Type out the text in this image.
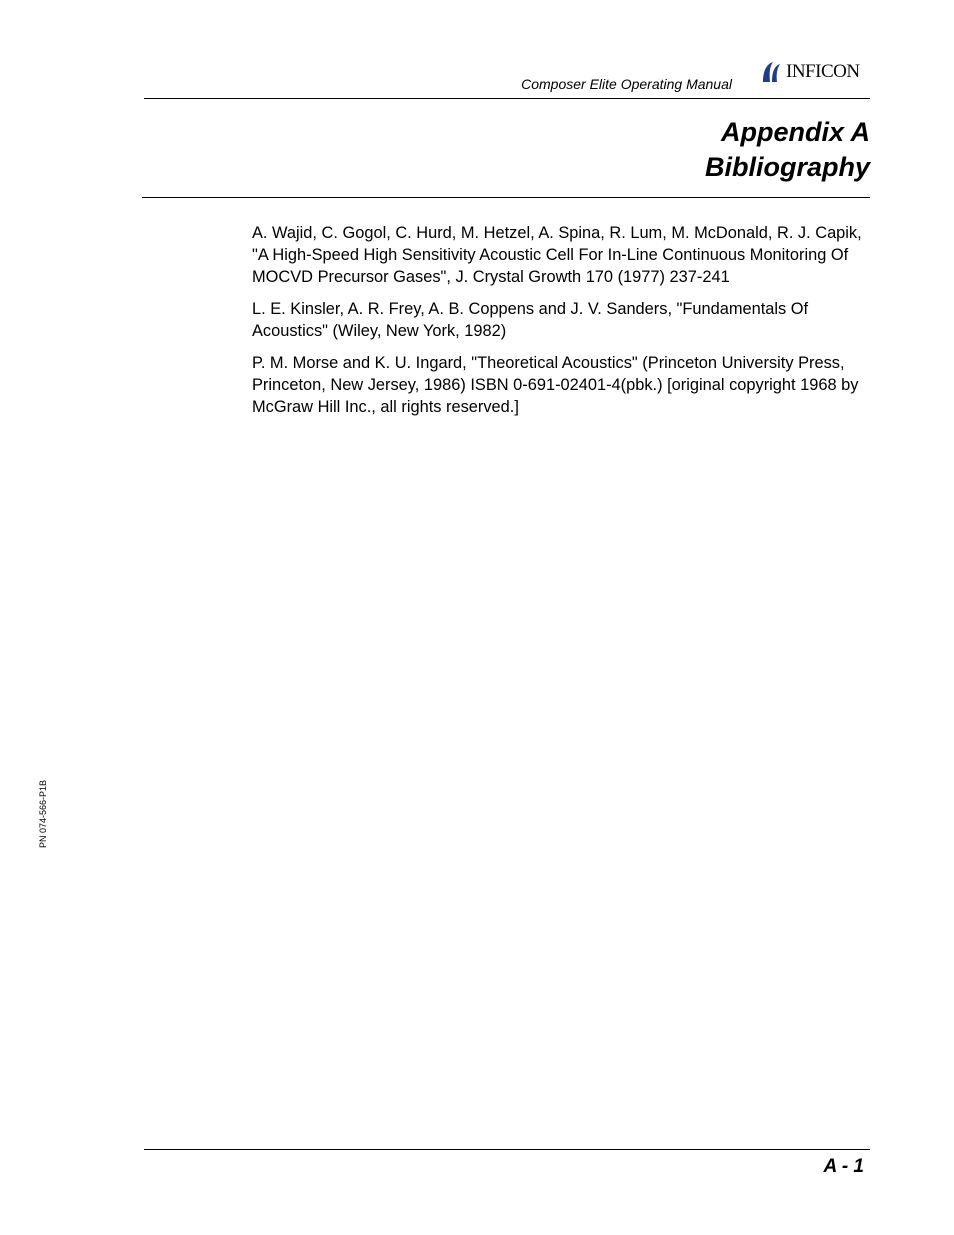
Composer Elite Operating Manual
INFICON
Appendix A
Bibliography

A. Wajid, C. Gogol, C. Hurd, M. Hetzel, A. Spina, R. Lum, M. McDonald, R. J. Capik, "A High-Speed High Sensitivity Acoustic Cell For In-Line Continuous Monitoring Of MOCVD Precursor Gases", J. Crystal Growth 170 (1977) 237-241

L. E. Kinsler, A. R. Frey, A. B. Coppens and J. V. Sanders, "Fundamentals Of Acoustics" (Wiley, New York, 1982)

P. M. Morse and K. U. Ingard, "Theoretical Acoustics" (Princeton University Press, Princeton, New Jersey, 1986) ISBN 0-691-02401-4(pbk.) [original copyright 1968 by McGraw Hill Inc., all rights reserved.]

PN 074-566-P1B
A - 1
